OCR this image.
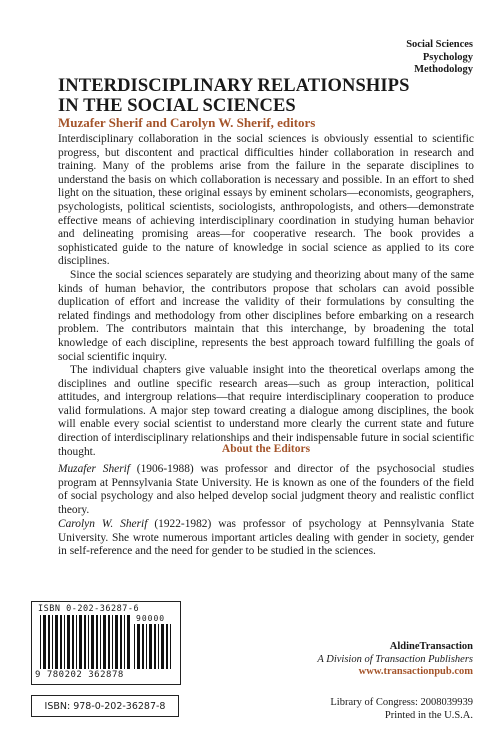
Social Sciences
Psychology
Methodology
INTERDISCIPLINARY RELATIONSHIPS
IN THE SOCIAL SCIENCES
Muzafer Sherif and Carolyn W. Sherif, editors

Interdisciplinary collaboration in the social sciences is obviously essential to scientific progress, but discontent and practical difficulties hinder collaboration in research and training. Many of the problems arise from the failure in the separate disciplines to understand the basis on which collaboration is necessary and possible. In an effort to shed light on the situation, these original essays by eminent scholars—economists, geographers, psychologists, political scientists, sociologists, anthropologists, and others—demonstrate effective means of achieving interdisciplinary coordination in studying human behavior and delineating promising areas—for cooperative research. The book provides a sophisticated guide to the nature of knowledge in social science as applied to its core disciplines.

Since the social sciences separately are studying and theorizing about many of the same kinds of human behavior, the contributors propose that scholars can avoid possible duplication of effort and increase the validity of their formulations by consulting the related findings and methodology from other disciplines before embarking on a research problem. The contributors maintain that this interchange, by broadening the total knowledge of each discipline, represents the best approach toward fulfilling the goals of social scientific inquiry.

The individual chapters give valuable insight into the theoretical overlaps among the disciplines and outline specific research areas—such as group interaction, political attitudes, and intergroup relations—that require interdisciplinary cooperation to produce valid formulations. A major step toward creating a dialogue among disciplines, the book will enable every social scientist to understand more clearly the current state and future direction of interdisciplinary relationships and their indispensable future in social scientific thought.	About the Editors

Muzafer Sherif (1906-1988) was professor and director of the psychosocial studies program at Pennsylvania State University. He is known as one of the founders of the field of social psychology and also helped develop social judgment theory and realistic conflict theory.

Carolyn W. Sherif (1922-1982) was professor of psychology at Pennsylvania State University. She wrote numerous important articles dealing with gender in society, gender in self-reference and the need for gender to be studied in the sciences.

ISBN 0-202-36287-6
90000
9 780202 362878
ISBN: 978-0-202-36287-8
AldineTransaction
A Division of Transaction Publishers
www.transactionpub.com
Library of Congress: 2008039939
Printed in the U.S.A.
